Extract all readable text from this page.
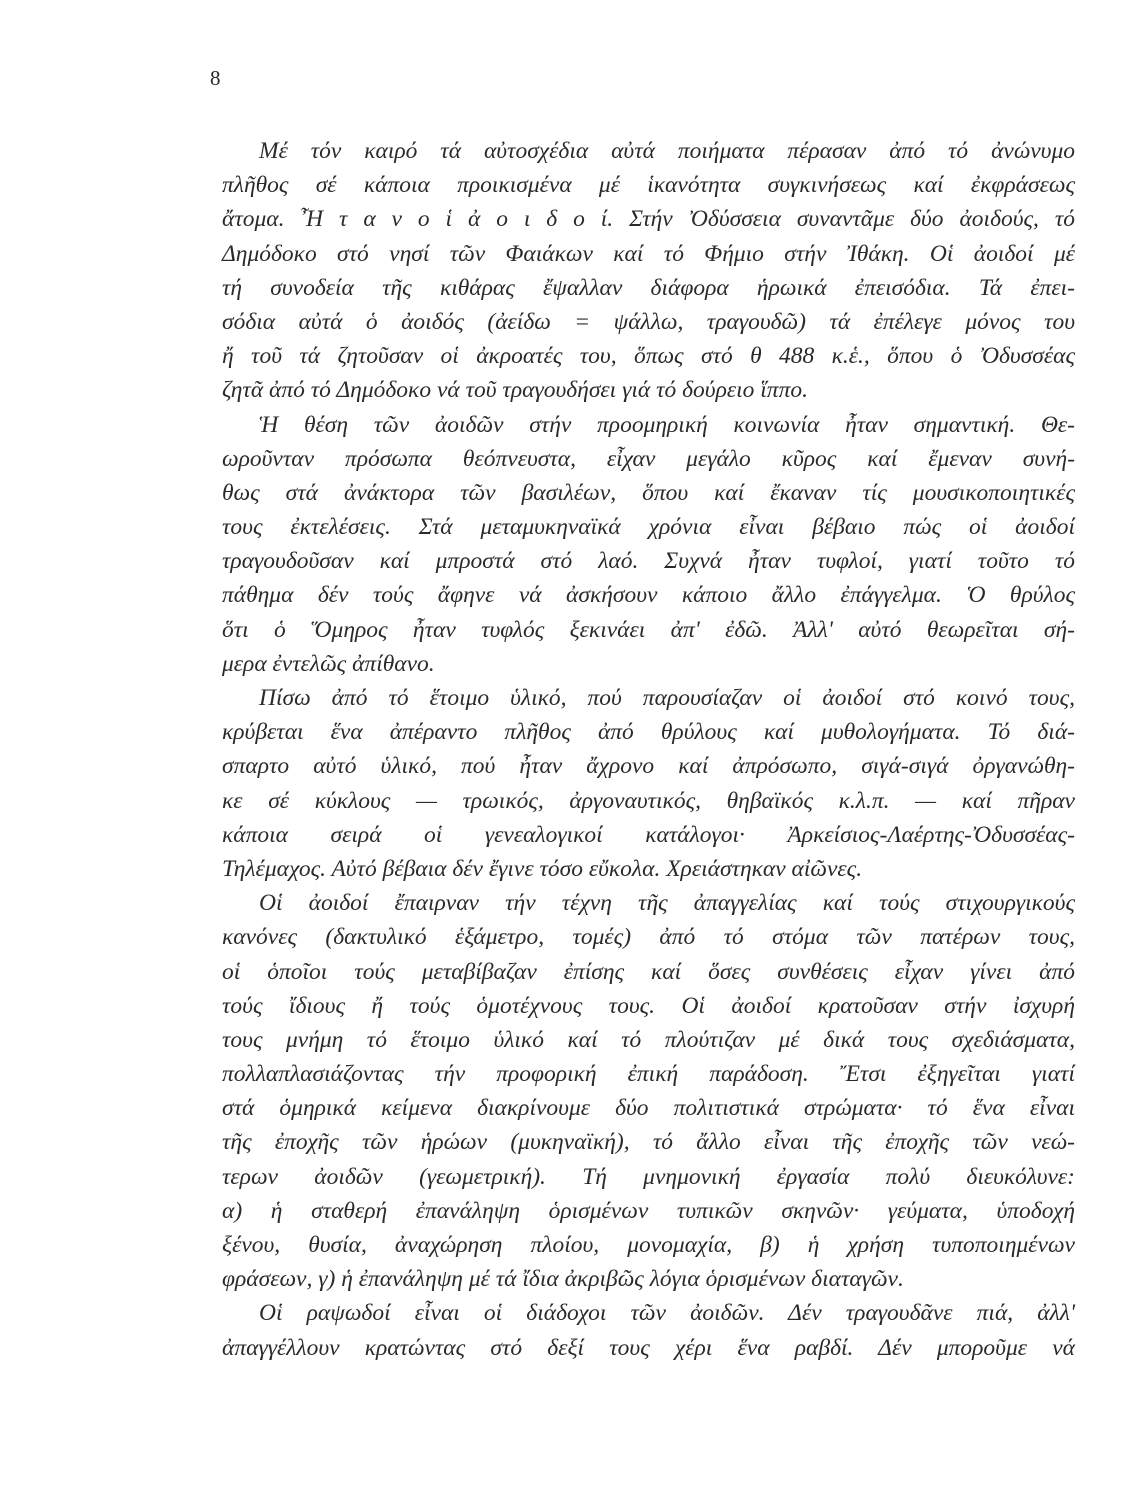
8
Μέ τόν καιρό τά αὐτοσχέδια αὐτά ποιήματα πέρασαν ἀπό τό ἀνώνυμο
πλῆθος σέ κάποια προικισμένα μέ ἱκανότητα συγκινήσεως καί ἐκφράσεως
ἄτομα. Ἦ τ α ν ο ἱ ἀ ο ι δ ο ί. Στήν Ὀδύσσεια συναντᾶμε δύο ἀοιδούς, τό
Δημόδοκο στό νησί τῶν Φαιάκων καί τό Φήμιο στήν Ἰθάκη. Οἱ ἀοιδοί μέ
τή συνοδεία τῆς κιθάρας ἔψαλλαν διάφορα ἡρωικά ἐπεισόδια. Τά ἐπει-
σόδια αὐτά ὁ ἀοιδός (ἀείδω = ψάλλω, τραγουδῶ) τά ἐπέλεγε μόνος του
ἤ τοῦ τά ζητοῦσαν οἱ ἀκροατές του, ὅπως στό θ 488 κ.ἑ., ὅπου ὁ Ὀδυσσέας
ζητᾶ ἀπό τό Δημόδοκο νά τοῦ τραγουδήσει γιά τό δούρειο ἵππο.
Ἡ θέση τῶν ἀοιδῶν στήν προομηρική κοινωνία ἦταν σημαντική. Θε-
ωροῦνταν πρόσωπα θεόπνευστα, εἶχαν μεγάλο κῦρος καί ἔμεναν συνή-
θως στά ἀνάκτορα τῶν βασιλέων, ὅπου καί ἔκαναν τίς μουσικοποιητικές
τους ἐκτελέσεις. Στά μεταμυκηναϊκά χρόνια εἶναι βέβαιο πώς οἱ ἀοιδοί
τραγουδοῦσαν καί μπροστά στό λαό. Συχνά ἦταν τυφλοί, γιατί τοῦτο τό
πάθημα δέν τούς ἄφηνε νά ἀσκήσουν κάποιο ἄλλο ἐπάγγελμα. Ὁ θρύλος
ὅτι ὁ Ὅμηρος ἦταν τυφλός ξεκινάει ἀπ' ἐδῶ. Ἀλλ' αὐτό θεωρεῖται σή-
μερα ἐντελῶς ἀπίθανο.
Πίσω ἀπό τό ἕτοιμο ὑλικό, πού παρουσίαζαν οἱ ἀοιδοί στό κοινό τους,
κρύβεται ἕνα ἀπέραντο πλῆθος ἀπό θρύλους καί μυθολογήματα. Τό διά-
σπαρτο αὐτό ὑλικό, πού ἦταν ἄχρονο καί ἀπρόσωπο, σιγά-σιγά ὀργανώθη-
κε σέ κύκλους — τρωικός, ἀργοναυτικός, θηβαϊκός κ.λ.π. — καί πῆραν
κάποια σειρά οἱ γενεαλογικοί κατάλογοι· Ἀρκείσιος-Λαέρτης-Ὀδυσσέας-
Τηλέμαχος. Αὐτό βέβαια δέν ἔγινε τόσο εὔκολα. Χρειάστηκαν αἰῶνες.
Οἱ ἀοιδοί ἔπαιρναν τήν τέχνη τῆς ἀπαγγελίας καί τούς στιχουργικούς
κανόνες (δακτυλικό ἑξάμετρο, τομές) ἀπό τό στόμα τῶν πατέρων τους,
οἱ ὁποῖοι τούς μεταβίβαζαν ἐπίσης καί ὅσες συνθέσεις εἶχαν γίνει ἀπό
τούς ἴδιους ἤ τούς ὁμοτέχνους τους. Οἱ ἀοιδοί κρατοῦσαν στήν ἰσχυρή
τους μνήμη τό ἕτοιμο ὑλικό καί τό πλούτιζαν μέ δικά τους σχεδιάσματα,
πολλαπλασιάζοντας τήν προφορική ἐπική παράδοση. Ἔτσι ἐξηγεῖται γιατί
στά ὁμηρικά κείμενα διακρίνουμε δύο πολιτιστικά στρώματα· τό ἕνα εἶναι
τῆς ἐποχῆς τῶν ἡρώων (μυκηναϊκή), τό ἄλλο εἶναι τῆς ἐποχῆς τῶν νεώ-
τερων ἀοιδῶν (γεωμετρική). Τή μνημονική ἐργασία πολύ διευκόλυνε:
α) ἡ σταθερή ἐπανάληψη ὁρισμένων τυπικῶν σκηνῶν· γεύματα, ὑποδοχή
ξένου, θυσία, ἀναχώρηση πλοίου, μονομαχία, β) ἡ χρήση τυποποιημένων
φράσεων, γ) ἡ ἐπανάληψη μέ τά ἴδια ἀκριβῶς λόγια ὁρισμένων διαταγῶν.
Οἱ ραψωδοί εἶναι οἱ διάδοχοι τῶν ἀοιδῶν. Δέν τραγουδᾶνε πιά, ἀλλ'
ἀπαγγέλλουν κρατώντας στό δεξί τους χέρι ἕνα ραβδί. Δέν μποροῦμε νά
